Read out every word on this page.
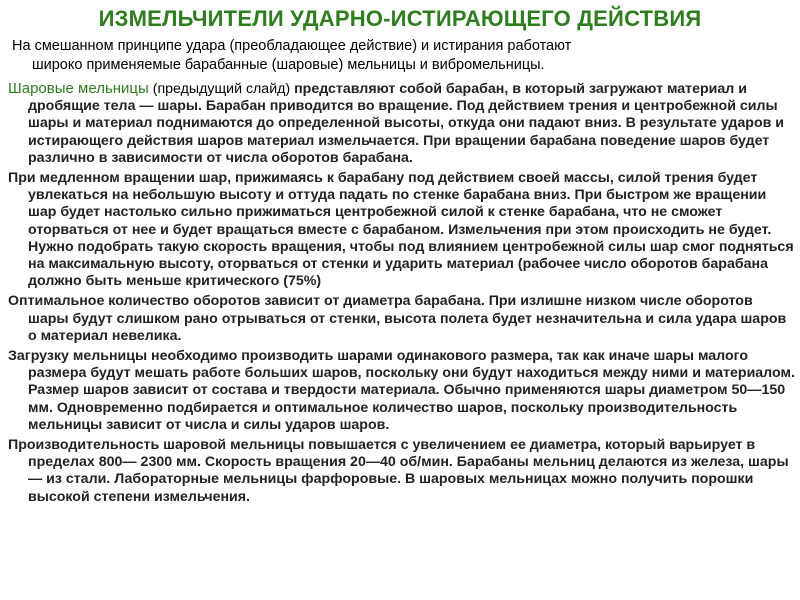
ИЗМЕЛЬЧИТЕЛИ УДАРНО-ИСТИРАЮЩЕГО ДЕЙСТВИЯ
На смешанном принципе удара (преобладающее действие) и истирания работают
широко применяемые барабанные (шаровые) мельницы и вибромельницы.

Шаровые мельницы (предыдущий слайд) представляют собой барабан, в который загружают материал и дробящие тела — шары. Барабан приводится во вращение. Под действием трения и центробежной силы шары и материал поднимаются до определенной высоты, откуда они падают вниз. В результате ударов и истирающего действия шаров материал измельчается. При вращении барабана поведение шаров будет различно в зависимости от числа оборотов барабана.

При медленном вращении шар, прижимаясь к барабану под действием своей массы, силой трения будет увлекаться на небольшую высоту и оттуда падать по стенке барабана вниз. При быстром же вращении шар будет настолько сильно прижиматься центробежной силой к стенке барабана, что не сможет оторваться от нее и будет вращаться вместе с барабаном. Измельчения при этом происходить не будет. Нужно подобрать такую скорость вращения, чтобы под влиянием центробежной силы шар смог подняться на максимальную высоту, оторваться от стенки и ударить материал (рабочее число оборотов барабана должно быть меньше критического (75%)

Оптимальное количество оборотов зависит от диаметра барабана. При излишне низком числе оборотов шары будут слишком рано отрываться от стенки, высота полета будет незначительна и сила удара шаров о материал невелика.

Загрузку мельницы необходимо производить шарами одинакового размера, так как иначе шары малого размера будут мешать работе больших шаров, поскольку они будут находиться между ними и материалом. Размер шаров зависит от состава и твердости материала. Обычно применяются шары диаметром 50—150 мм. Одновременно подбирается и оптимальное количество шаров, поскольку производительность мельницы зависит от числа и силы ударов шаров.

Производительность шаровой мельницы повышается с увеличением ее диаметра, который варьирует в пределах 800— 2300 мм. Скорость вращения 20—40 об/мин. Барабаны мельниц делаются из железа, шары — из стали. Лабораторные мельницы фарфоровые. В шаровых мельницах можно получить порошки высокой степени измельчения.
